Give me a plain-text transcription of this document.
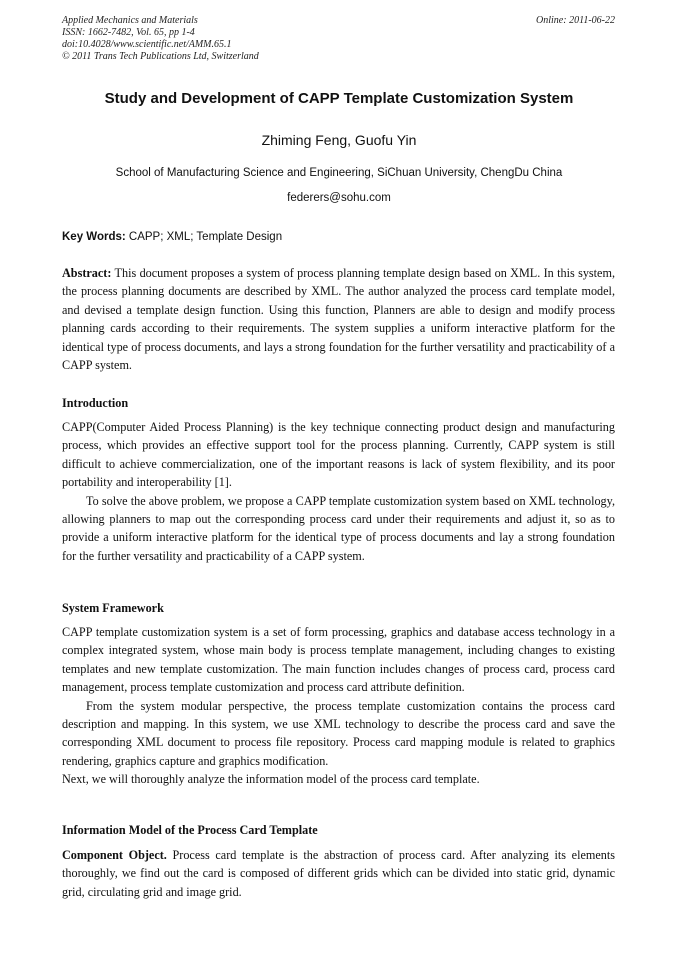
Applied Mechanics and Materials
ISSN: 1662-7482, Vol. 65, pp 1-4
doi:10.4028/www.scientific.net/AMM.65.1
© 2011 Trans Tech Publications Ltd, Switzerland
Online: 2011-06-22
Study and Development of CAPP Template Customization System
Zhiming Feng, Guofu Yin
School of Manufacturing Science and Engineering, SiChuan University, ChengDu China
federers@sohu.com
Key Words: CAPP; XML; Template Design

Abstract: This document proposes a system of process planning template design based on XML. In this system, the process planning documents are described by XML. The author analyzed the process card template model, and devised a template design function. Using this function, Planners are able to design and modify process planning cards according to their requirements. The system supplies a uniform interactive platform for the identical type of process documents, and lays a strong foundation for the further versatility and practicability of a CAPP system.

Introduction

CAPP(Computer Aided Process Planning) is the key technique connecting product design and manufacturing process, which provides an effective support tool for the process planning. Currently, CAPP system is still difficult to achieve commercialization, one of the important reasons is lack of system flexibility, and its poor portability and interoperability [1].

To solve the above problem, we propose a CAPP template customization system based on XML technology, allowing planners to map out the corresponding process card under their requirements and adjust it, so as to provide a uniform interactive platform for the identical type of process documents and lay a strong foundation for the further versatility and practicability of a CAPP system.

System Framework

CAPP template customization system is a set of form processing, graphics and database access technology in a complex integrated system, whose main body is process template management, including changes to existing templates and new template customization. The main function includes changes of process card, process card management, process template customization and process card attribute definition.

From the system modular perspective, the process template customization contains the process card description and mapping. In this system, we use XML technology to describe the process card and save the corresponding XML document to process file repository. Process card mapping module is related to graphics rendering, graphics capture and graphics modification.

Next, we will thoroughly analyze the information model of the process card template.

Information Model of the Process Card Template

Component Object. Process card template is the abstraction of process card. After analyzing its elements thoroughly, we find out the card is composed of different grids which can be divided into static grid, dynamic grid, circulating grid and image grid.
